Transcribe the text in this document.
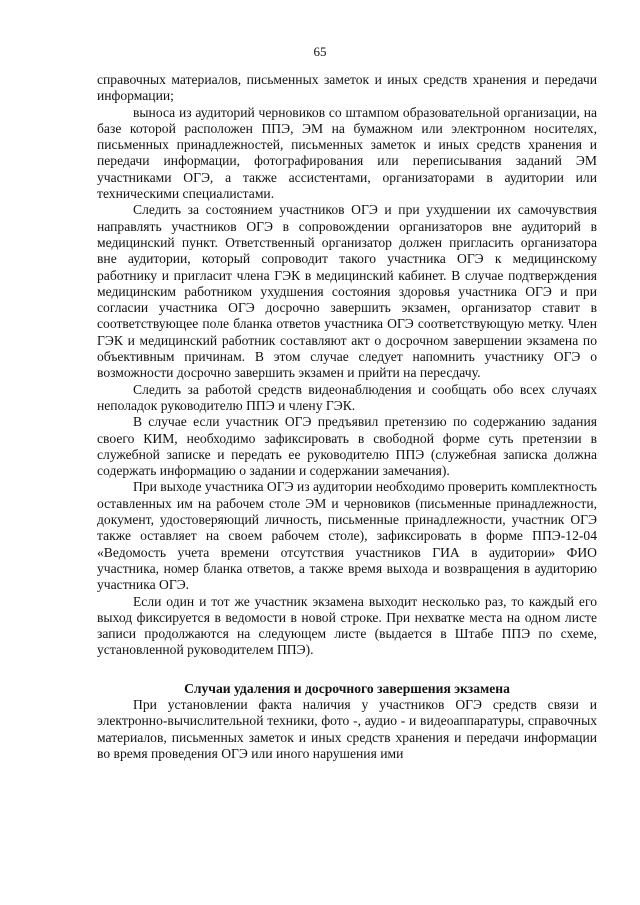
65

справочных материалов, письменных заметок и иных средств хранения и передачи информации;

выноса из аудиторий черновиков со штампом образовательной организации, на базе которой расположен ППЭ, ЭМ на бумажном или электронном носителях, письменных принадлежностей, письменных заметок и иных средств хранения и передачи информации, фотографирования или переписывания заданий ЭМ участниками ОГЭ, а также ассистентами, организаторами в аудитории или техническими специалистами.

Следить за состоянием участников ОГЭ и при ухудшении их самочувствия направлять участников ОГЭ в сопровождении организаторов вне аудиторий в медицинский пункт. Ответственный организатор должен пригласить организатора вне аудитории, который сопроводит такого участника ОГЭ к медицинскому работнику и пригласит члена ГЭК в медицинский кабинет. В случае подтверждения медицинским работником ухудшения состояния здоровья участника ОГЭ и при согласии участника ОГЭ досрочно завершить экзамен, организатор ставит в соответствующее поле бланка ответов участника ОГЭ соответствующую метку. Член ГЭК и медицинский работник составляют акт о досрочном завершении экзамена по объективным причинам. В этом случае следует напомнить участнику ОГЭ о возможности досрочно завершить экзамен и прийти на пересдачу.

Следить за работой средств видеонаблюдения и сообщать обо всех случаях неполадок руководителю ППЭ и члену ГЭК.

В случае если участник ОГЭ предъявил претензию по содержанию задания своего КИМ, необходимо зафиксировать в свободной форме суть претензии в служебной записке и передать ее руководителю ППЭ (служебная записка должна содержать информацию о задании и содержании замечания).

При выходе участника ОГЭ из аудитории необходимо проверить комплектность оставленных им на рабочем столе ЭМ и черновиков (письменные принадлежности, документ, удостоверяющий личность, письменные принадлежности, участник ОГЭ также оставляет на своем рабочем столе), зафиксировать в форме ППЭ-12-04 «Ведомость учета времени отсутствия участников ГИА в аудитории» ФИО участника, номер бланка ответов, а также время выхода и возвращения в аудиторию участника ОГЭ.

Если один и тот же участник экзамена выходит несколько раз, то каждый его выход фиксируется в ведомости в новой строке. При нехватке места на одном листе записи продолжаются на следующем листе (выдается в Штабе ППЭ по схеме, установленной руководителем ППЭ).

Случаи удаления и досрочного завершения экзамена

При установлении факта наличия у участников ОГЭ средств связи и электронно-вычислительной техники, фото -, аудио - и видеоаппаратуры, справочных материалов, письменных заметок и иных средств хранения и передачи информации во время проведения ОГЭ или иного нарушения ими
